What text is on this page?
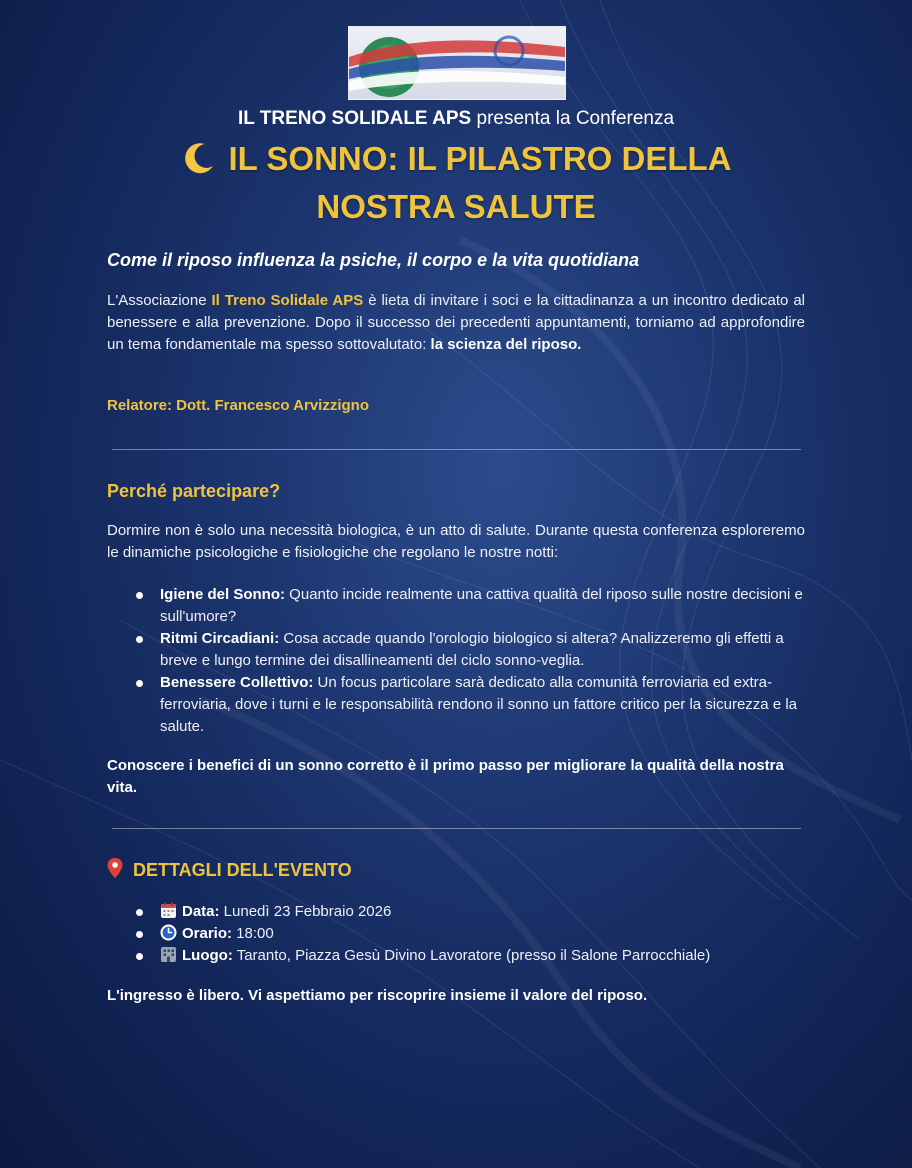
IL TRENO SOLIDALE APS presenta la Conferenza
IL SONNO: IL PILASTRO DELLA
NOSTRA SALUTE
Come il riposo influenza la psiche, il corpo e la vita quotidiana
L'Associazione Il Treno Solidale APS è lieta di invitare i soci e la cittadinanza a un incontro dedicato al benessere e alla prevenzione. Dopo il successo dei precedenti appuntamenti, torniamo ad approfondire un tema fondamentale ma spesso sottovalutato: la scienza del riposo.
Relatore: Dott. Francesco Arvizzigno
Perché partecipare?
Dormire non è solo una necessità biologica, è un atto di salute. Durante questa conferenza esploreremo le dinamiche psicologiche e fisiologiche che regolano le nostre notti:
Igiene del Sonno: Quanto incide realmente una cattiva qualità del riposo sulle nostre decisioni e sull'umore?
Ritmi Circadiani: Cosa accade quando l'orologio biologico si altera? Analizzeremo gli effetti a breve e lungo termine dei disallineamenti del ciclo sonno-veglia.
Benessere Collettivo: Un focus particolare sarà dedicato alla comunità ferroviaria ed extra-ferroviaria, dove i turni e le responsabilità rendono il sonno un fattore critico per la sicurezza e la salute.
Conoscere i benefici di un sonno corretto è il primo passo per migliorare la qualità della nostra vita.
DETTAGLI DELL'EVENTO
Data: Lunedì 23 Febbraio 2026
Orario: 18:00
Luogo: Taranto, Piazza Gesù Divino Lavoratore (presso il Salone Parrocchiale)
L'ingresso è libero. Vi aspettiamo per riscoprire insieme il valore del riposo.
